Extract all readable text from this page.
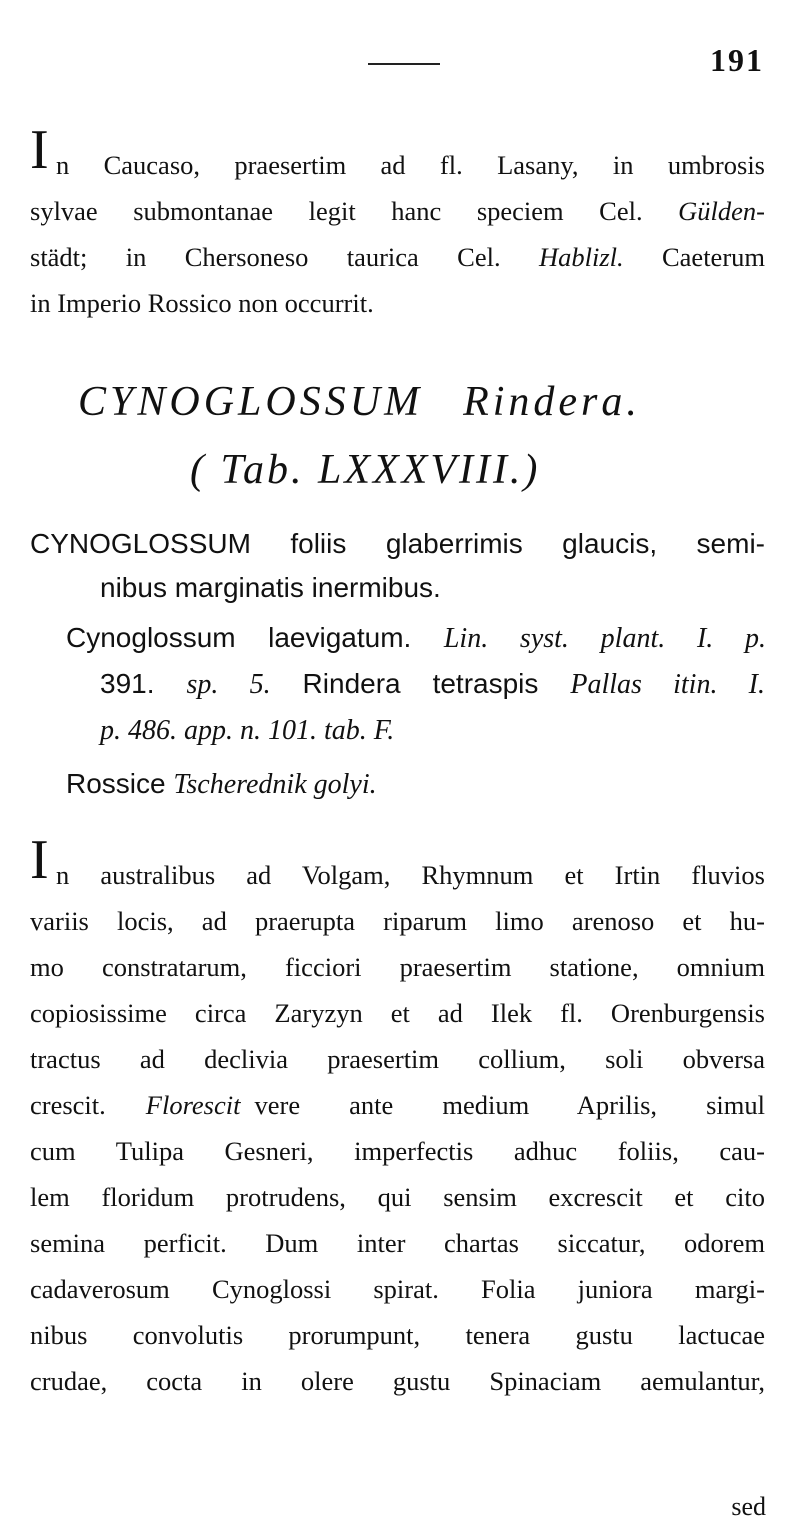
191
I n Caucaso, praesertim ad fl. Lasany, in umbrosis
sylvae submontanae legit hanc speciem Cel. Gülden-
städt; in Chersoneso taurica Cel. Hablizl. Caeterum
in Imperio Rossico non occurrit.
CYNOGLOSSUM Rindera.
( Tab. LXXXVIII.)
CYNOGLOSSUM foliis glaberrimis glaucis, semi-
nibus marginatis inermibus.
Cynoglossum laevigatum. Lin. syst. plant. I. p.
391. sp. 5. Rindera tetraspis Pallas itin. I.
p. 486. app. n. 101. tab. F.
Rossice Tscherednik golyi.
I n australibus ad Volgam, Rhymnum et Irtin fluvios
variis locis, ad praerupta riparum limo arenoso et hu-
mo constratarum, ficciori praesertim statione, omnium
copiosissime circa Zaryzyn et ad Ilek fl. Orenburgensis
tractus ad declivia praesertim collium, soli obversa
crescit. Florescit vere ante medium Aprilis, simul
cum Tulipa Gesneri, imperfectis adhuc foliis, cau-
lem floridum protrudens, qui sensim excrescit et cito
semina perficit. Dum inter chartas siccatur, odorem
cadaverosum Cynoglossi spirat. Folia juniora margi-
nibus convolutis prorumpunt, tenera gustu lactucae
crudae, cocta in olere gustu Spinaciam aemulantur,
sed
